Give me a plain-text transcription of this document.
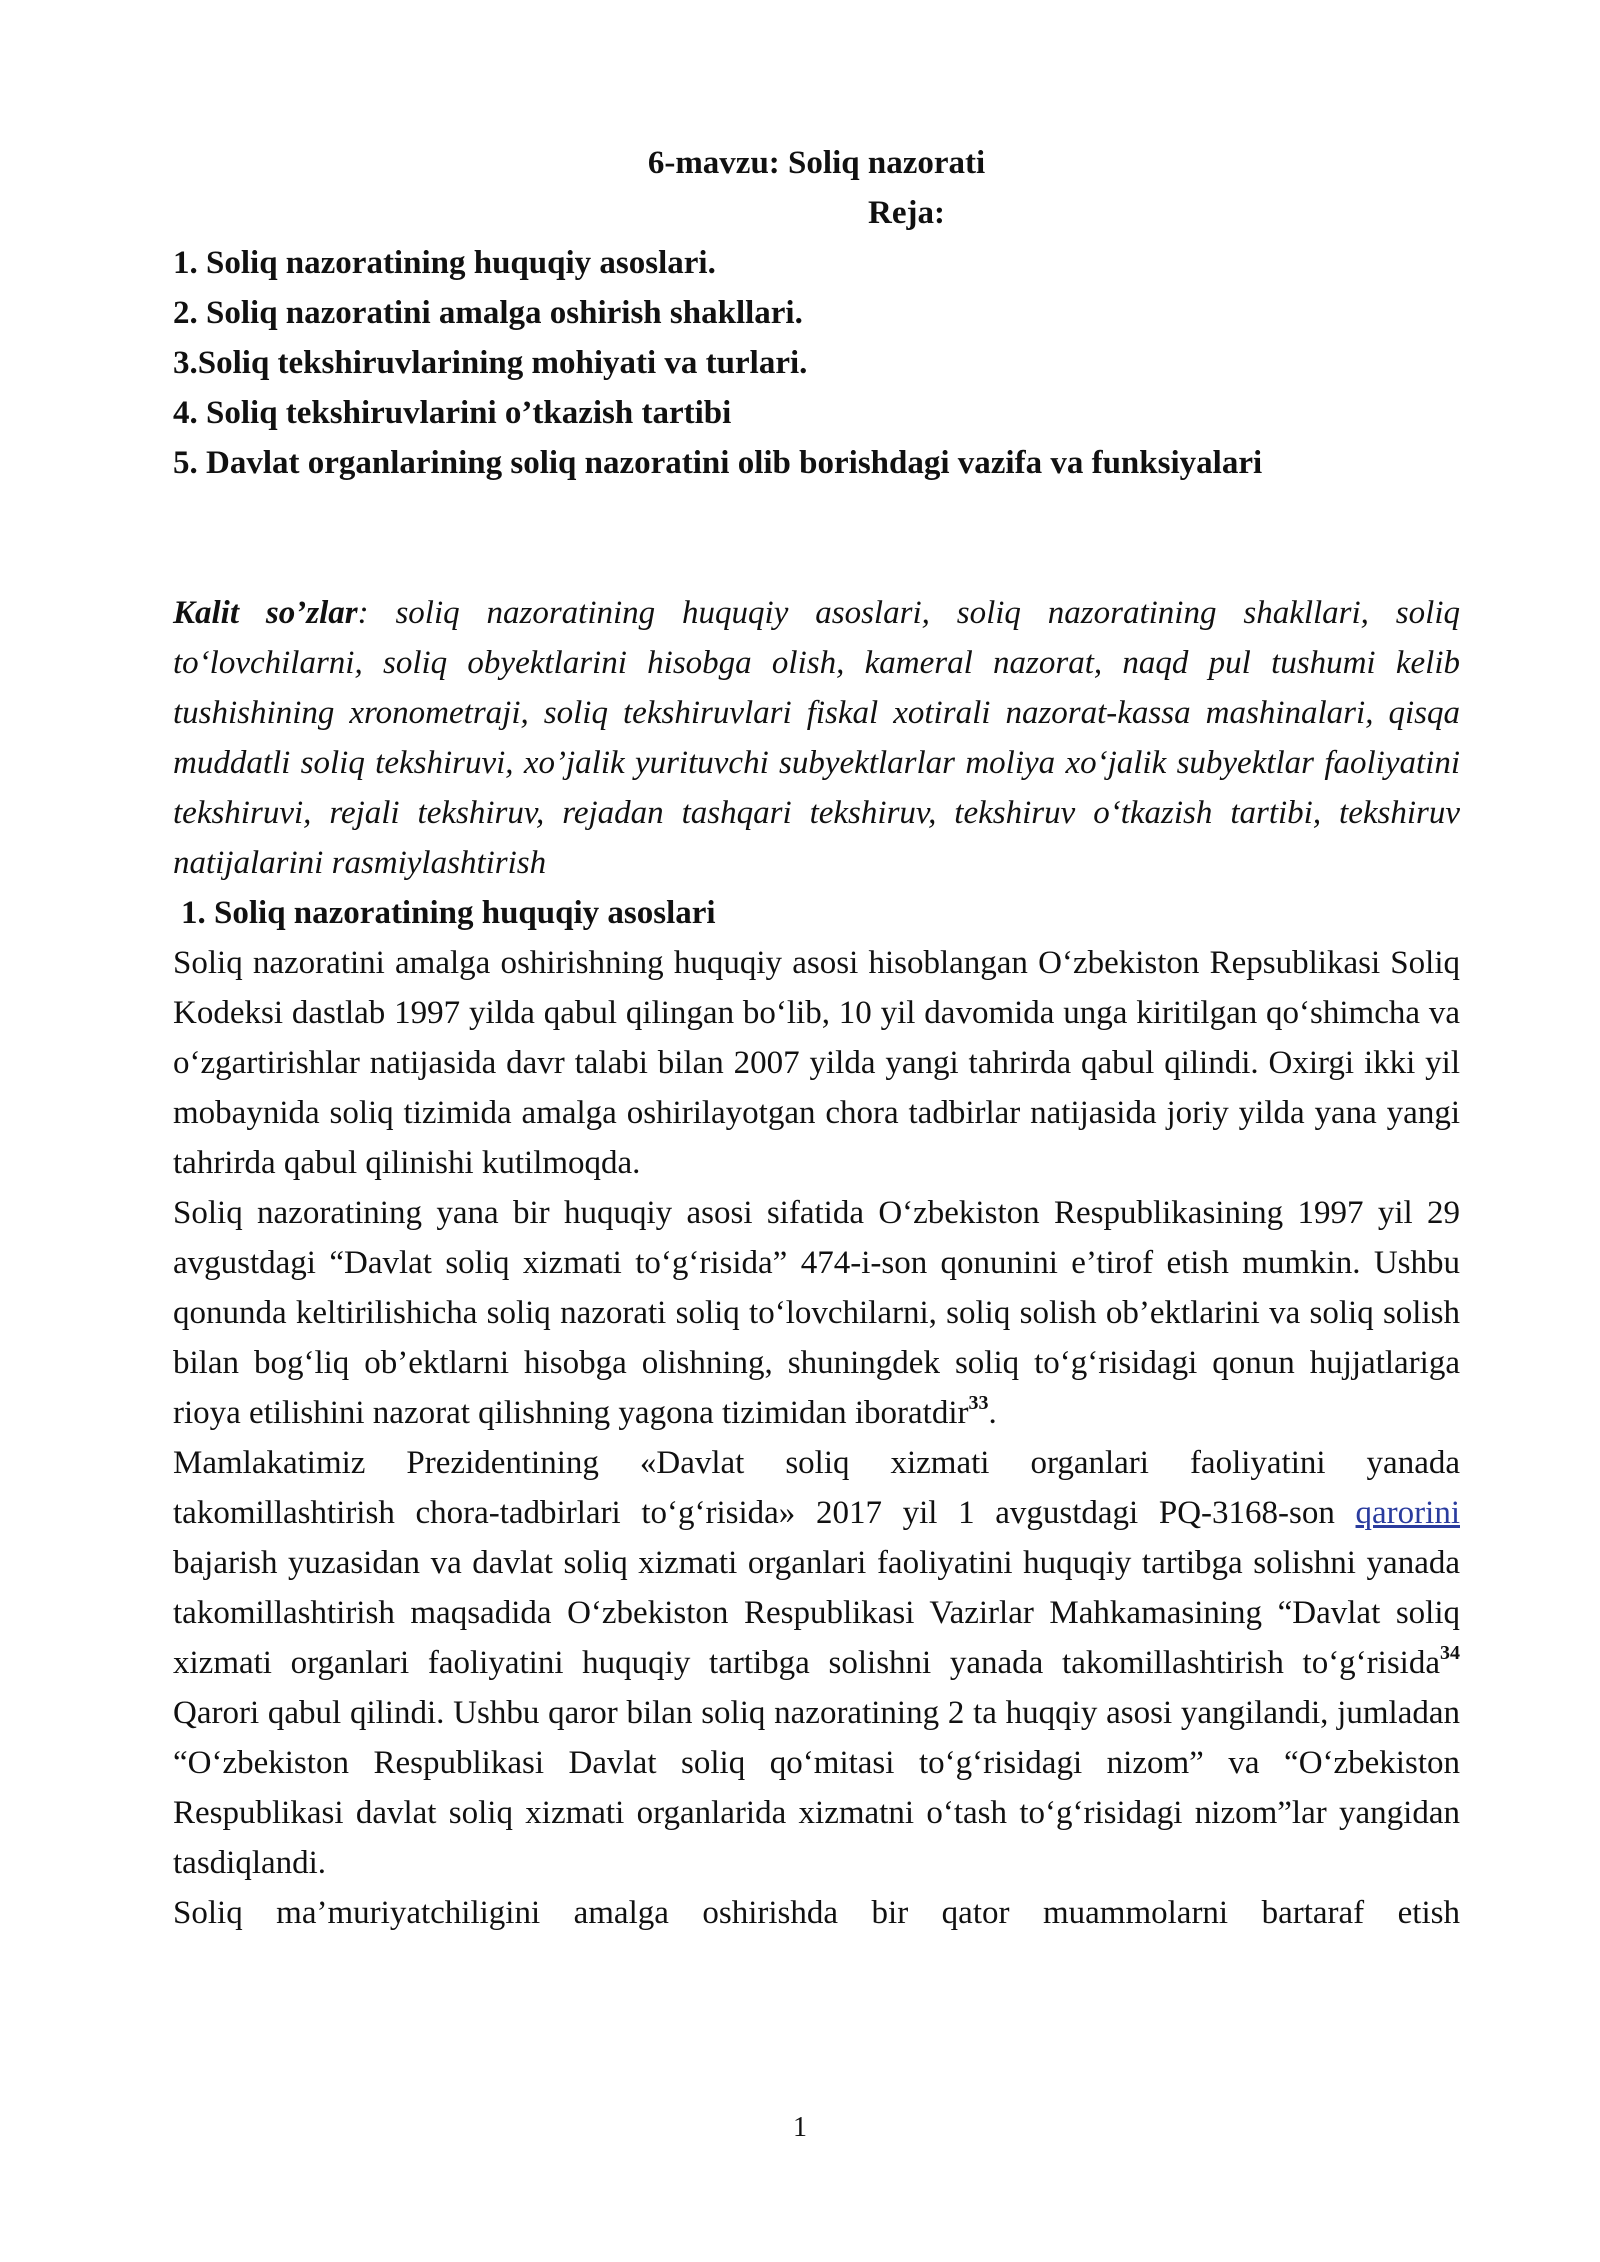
6-mavzu: Soliq nazorati

Reja:

1. Soliq nazoratining huquqiy asoslari.

2. Soliq nazoratini amalga oshirish shakllari.

3.Soliq tekshiruvlarining mohiyati va turlari.

4. Soliq tekshiruvlarini o’tkazish tartibi

5. Davlat organlarining soliq nazoratini olib borishdagi vazifa va funksiyalari

Kalit so’zlar: soliq nazoratining huquqiy asoslari, soliq nazoratining shakllari, soliq to‘lovchilarni, soliq obyektlarini hisobga olish, kameral nazorat, naqd pul tushumi kelib tushishining xronometraji, soliq tekshiruvlari fiskal xotirali nazorat-kassa mashinalari, qisqa muddatli soliq tekshiruvi, xo’jalik yurituvchi subyektlarlar moliya xo‘jalik subyektlar faoliyatini tekshiruvi, rejali tekshiruv, rejadan tashqari tekshiruv, tekshiruv o‘tkazish tartibi, tekshiruv natijalarini rasmiylashtirish

1. Soliq nazoratining huquqiy asoslari

Soliq nazoratini amalga oshirishning huquqiy asosi hisoblangan O‘zbekiston Repsublikasi Soliq Kodeksi dastlab 1997 yilda qabul qilingan bo‘lib, 10 yil davomida unga kiritilgan qo‘shimcha va o‘zgartirishlar natijasida davr talabi bilan 2007 yilda yangi tahrirda qabul qilindi. Oxirgi ikki yil mobaynida soliq tizimida amalga oshirilayotgan chora tadbirlar natijasida joriy yilda yana yangi tahrirda qabul qilinishi kutilmoqda.

Soliq nazoratining yana bir huquqiy asosi sifatida O‘zbekiston Respublikasining 1997 yil 29 avgustdagi “Davlat soliq xizmati to‘g‘risida” 474-i-son qonunini e’tirof etish mumkin. Ushbu qonunda keltirilishicha soliq nazorati soliq to‘lovchilarni, soliq solish ob’ektlarini va soliq solish bilan bog‘liq ob’ektlarni hisobga olishning, shuningdek soliq to‘g‘risidagi qonun hujjatlariga rioya etilishini nazorat qilishning yagona tizimidan iboratdir$^{33}$.

Mamlakatimiz Prezidentining «Davlat soliq xizmati organlari faoliyatini yanada takomillashtirish chora-tadbirlari to‘g‘risida» 2017 yil 1 avgustdagi PQ-3168-son qarorini bajarish yuzasidan va davlat soliq xizmati organlari faoliyatini huquqiy tartibga solishni yanada takomillashtirish maqsadida O‘zbekiston Respublikasi Vazirlar Mahkamasining “Davlat soliq xizmati organlari faoliyatini huquqiy tartibga solishni yanada takomillashtirish to‘g‘risida$^{34}$ Qarori qabul qilindi. Ushbu qaror bilan soliq nazoratining 2 ta huqqiy asosi yangilandi, jumladan “O‘zbekiston Respublikasi Davlat soliq qo‘mitasi to‘g‘risidagi nizom” va “O‘zbekiston Respublikasi davlat soliq xizmati organlarida xizmatni o‘tash to‘g‘risidagi nizom”lar yangidan tasdiqlandi.

Soliq ma’muriyatchiligini amalga oshirishda bir qator muammolarni bartaraf etish

1
